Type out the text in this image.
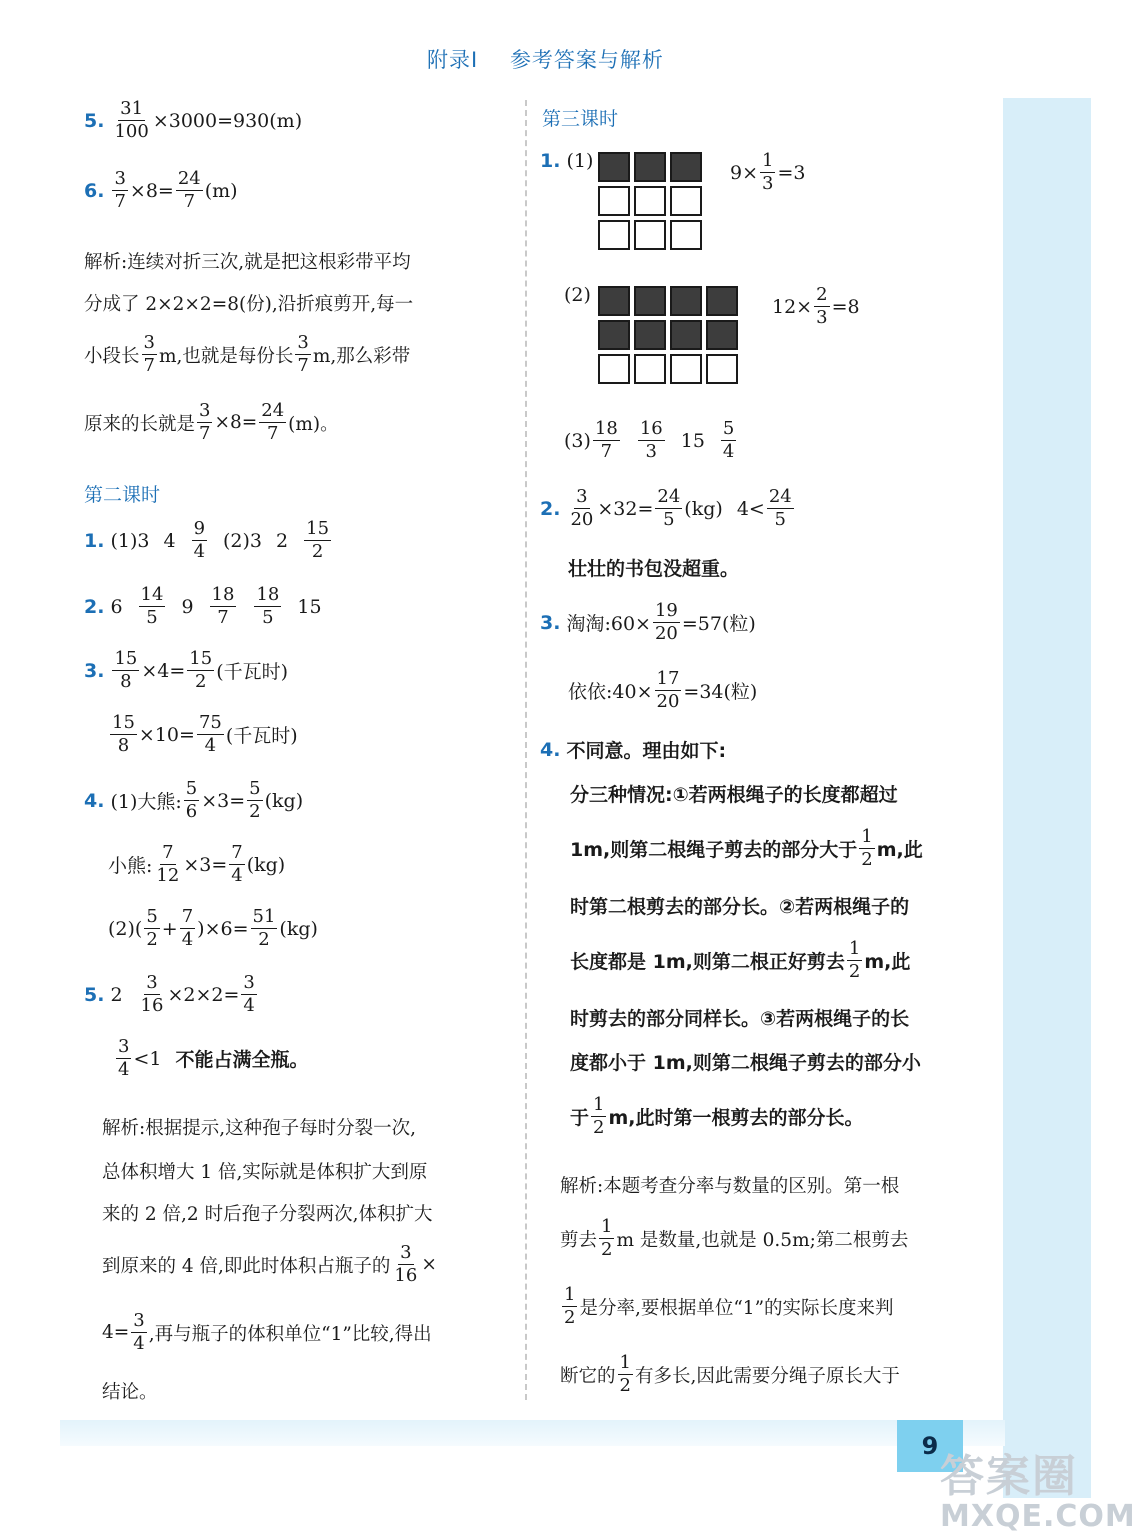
附录Ⅰ 参考答案与解析
5. $\frac{31}{100} \times 3000=930(m)$
6. $\frac{3}{7} \times 8= \frac{24}{7} (m)$
解析:连续对折三次,就是把这根彩带平均
分成了 2×2×2=8(份),沿折痕剪开,每一
小段长 $\frac{3}{7} m$,也就是每份长 $\frac{3}{7} m$,那么彩带
原来的长就是 $\frac{3}{7} \times 8= \frac{24}{7} (m)$。
第二课时
1. (1)3 $4 \frac{9}{4} (2)3$ $2 \frac{15}{2}$
2. $6 \frac{14}{5} 9 \frac{18}{7} \frac{18}{5} 15$
3. $\frac{15}{8} \times 4= \frac{15}{2}$ (千瓦时)
$\frac{15}{8} \times 10= \frac{75}{4}$ (千瓦时)
4. (1)大熊: $\frac{5}{6} \times 3= \frac{5}{2} (kg)$
小熊: $\frac{7}{12} \times 3= \frac{7}{4} (kg)$
$(2)( \frac{5}{2} + \frac{7}{4} )\times 6= \frac{51}{2} (kg)$
5. $2 \frac{3}{16} \times 2\times 2= \frac{3}{4}$
$\frac{3}{4} <1$ 不能占满全瓶。
解析:根据提示,这种孢子每时分裂一次,
总体积增大 1 倍,实际就是体积扩大到原
来的 2 倍,2 时后孢子分裂两次,体积扩大
到原来的 4 倍,即此时体积占瓶子的 $\frac{3}{16}$ ×
$4= \frac{3}{4}$ ,再与瓶子的体积单位“1”比较,得出
结论。
第三课时
1. (1)
$9\times \frac{1}{3} =3$
(2)
$12\times \frac{2}{3} =8$
$(3) \frac{18}{7} \frac{16}{3} 15 \frac{5}{4}$
2. $\frac{3}{20} \times 32= \frac{24}{5} (kg)$ $4< \frac{24}{5}$
壮壮的书包没超重。
3. 淘淘:60× $\frac{19}{20} =57$(粒)
依依:40× $\frac{17}{20} =34$(粒)
4. 不同意。理由如下:
分三种情况:①若两根绳子的长度都超过
1m,则第二根绳子剪去的部分大于 $\frac{1}{2} m$,此
时第二根剪去的部分长。②若两根绳子的
长度都是 1m,则第二根正好剪去 $\frac{1}{2} m$,此
时剪去的部分同样长。③若两根绳子的长
度都小于 1m,则第二根绳子剪去的部分小
于 $\frac{1}{2} m$,此时第一根剪去的部分长。
解析:本题考查分率与数量的区别。第一根
剪去 $\frac{1}{2}$ m 是数量,也就是 0.5m;第二根剪去
$\frac{1}{2}$ 是分率,要根据单位“1”的实际长度来判
断它的 $\frac{1}{2}$ 有多长,因此需要分绳子原长大于
9
答案圈
MXQE.COM
